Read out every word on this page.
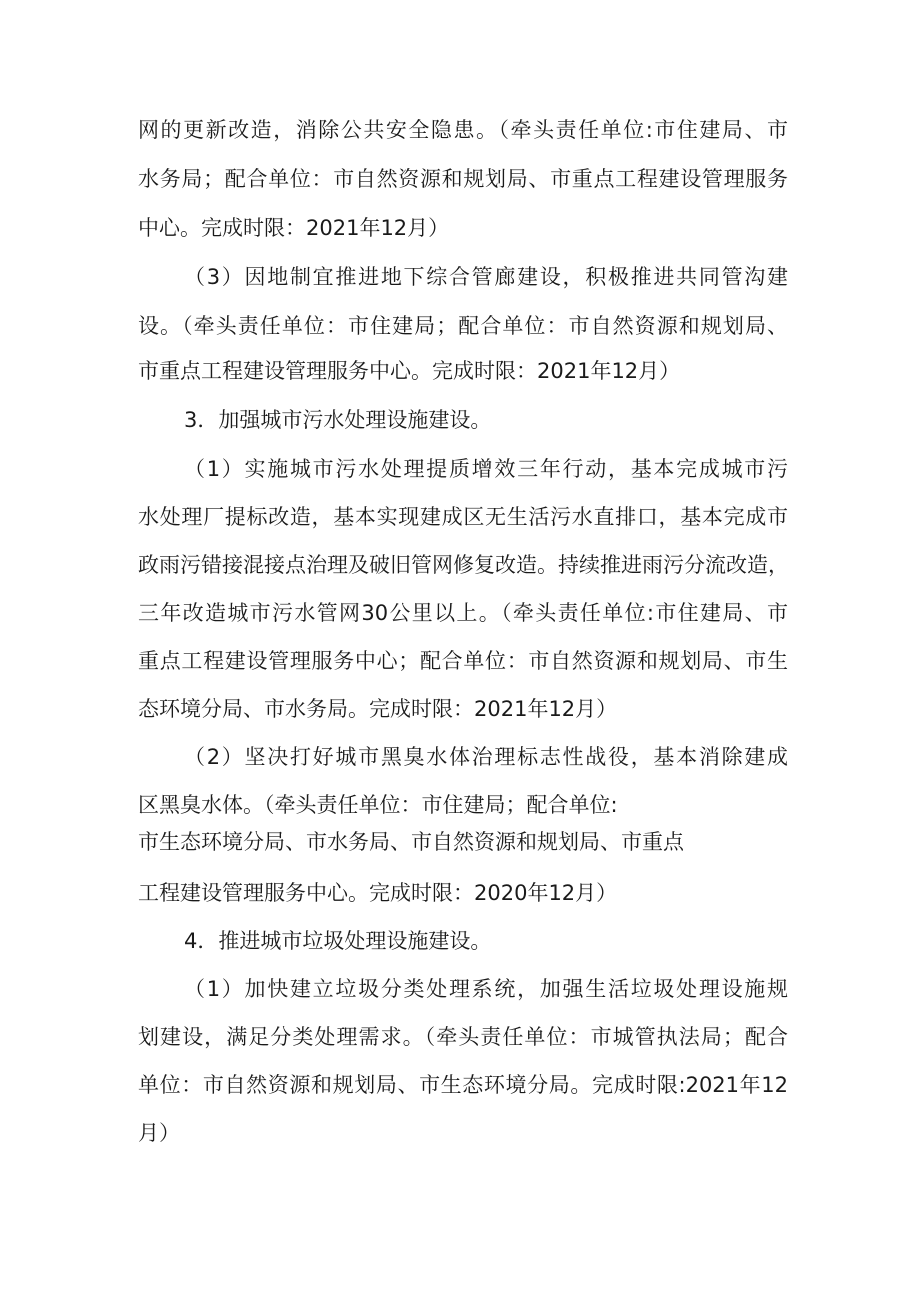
网的更新改造，消除公共安全隐患。（牵头责任单位:市住建局、市
水务局；配合单位：市自然资源和规划局、市重点工程建设管理服务
中心。完成时限：2021年12月）
（3）因地制宜推进地下综合管廊建设，积极推进共同管沟建
设。（牵头责任单位：市住建局；配合单位：市自然资源和规划局、
市重点工程建设管理服务中心。完成时限：2021年12月）
3．加强城市污水处理设施建设。
（1）实施城市污水处理提质增效三年行动，基本完成城市污
水处理厂提标改造，基本实现建成区无生活污水直排口，基本完成市
政雨污错接混接点治理及破旧管网修复改造。持续推进雨污分流改造，
三年改造城市污水管网30公里以上。（牵头责任单位:市住建局、市
重点工程建设管理服务中心；配合单位：市自然资源和规划局、市生
态环境分局、市水务局。完成时限：2021年12月）
（2）坚决打好城市黑臭水体治理标志性战役，基本消除建成
区黑臭水体。（牵头责任单位：市住建局；配合单位:
市生态环境分局、市水务局、市自然资源和规划局、市重点
工程建设管理服务中心。完成时限：2020年12月）
4．推进城市垃圾处理设施建设。
（1）加快建立垃圾分类处理系统，加强生活垃圾处理设施规
划建设，满足分类处理需求。（牵头责任单位：市城管执法局；配合
单位：市自然资源和规划局、市生态环境分局。完成时限:2021年12
月）
